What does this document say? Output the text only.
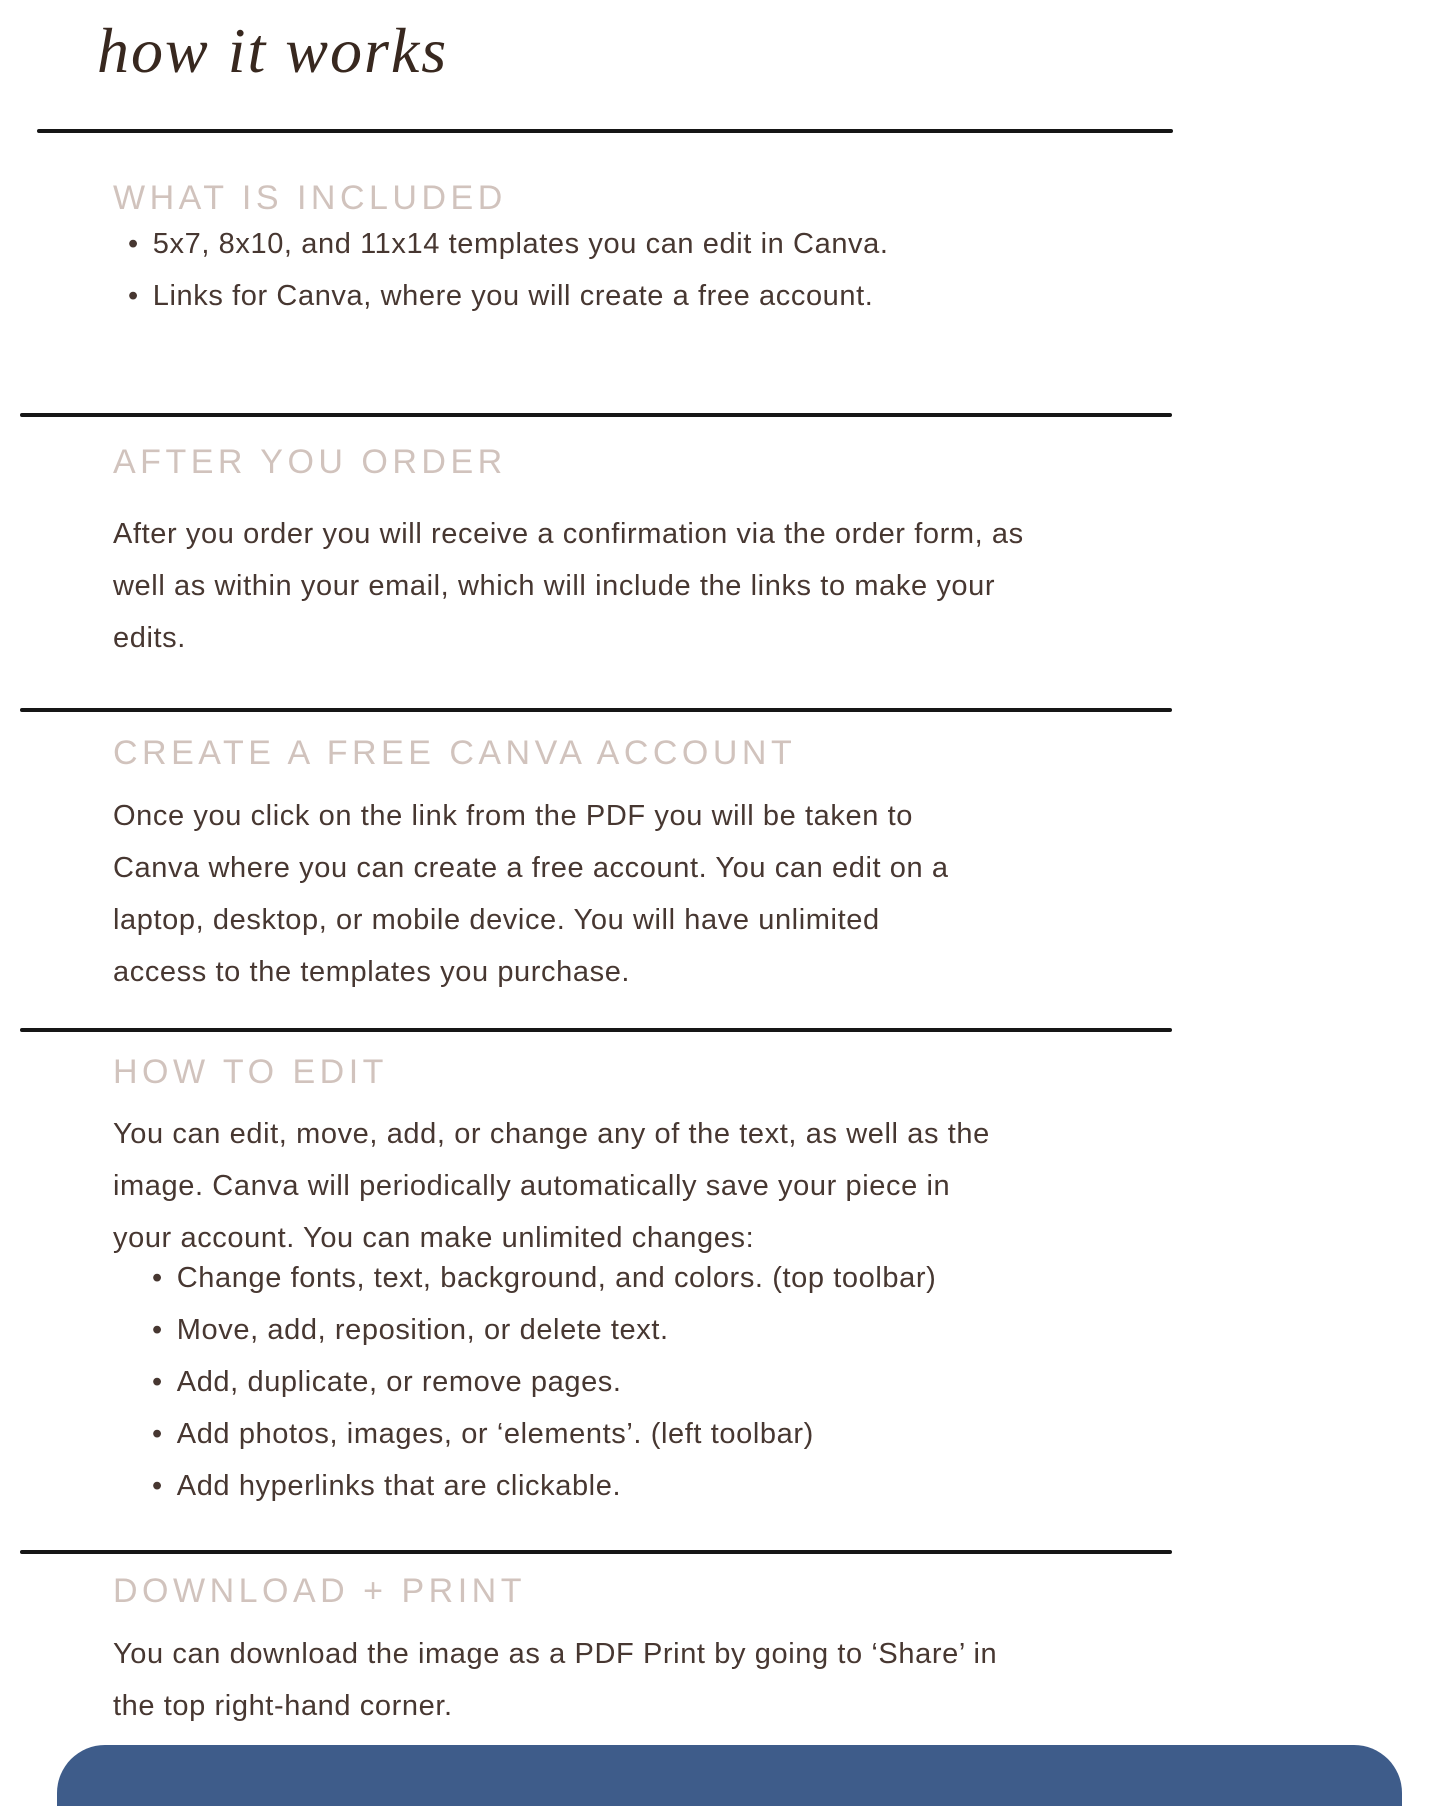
how it works
WHAT IS INCLUDED
• 5x7, 8x10, and 11x14 templates you can edit in Canva.
• Links for Canva, where you will create a free account.
AFTER YOU ORDER
After you order you will receive a confirmation via the order form, as
well as within your email, which will include the links to make your
edits.
CREATE A FREE CANVA ACCOUNT
Once you click on the link from the PDF you will be taken to
Canva where you can create a free account. You can edit on a
laptop, desktop, or mobile device. You will have unlimited
access to the templates you purchase.
HOW TO EDIT
You can edit, move, add, or change any of the text, as well as the
image. Canva will periodically automatically save your piece in
your account. You can make unlimited changes:
• Change fonts, text, background, and colors. (top toolbar)
• Move, add, reposition, or delete text.
• Add, duplicate, or remove pages.
• Add photos, images, or ‘elements’. (left toolbar)
• Add hyperlinks that are clickable.
DOWNLOAD + PRINT
You can download the image as a PDF Print by going to ‘Share’ in
the top right-hand corner.
